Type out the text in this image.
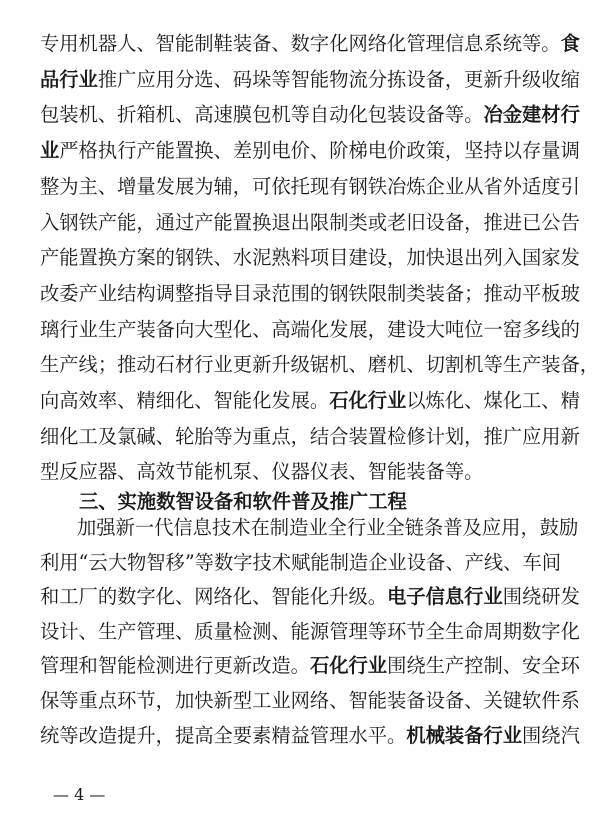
专用机器人、智能制鞋装备、数字化网络化管理信息系统等。食
品行业推广应用分选、码垛等智能物流分拣设备，更新升级收缩
包装机、折箱机、高速膜包机等自动化包装设备等。冶金建材行
业严格执行产能置换、差别电价、阶梯电价政策，坚持以存量调
整为主、增量发展为辅，可依托现有钢铁冶炼企业从省外适度引
入钢铁产能，通过产能置换退出限制类或老旧设备，推进已公告
产能置换方案的钢铁、水泥熟料项目建设，加快退出列入国家发
改委产业结构调整指导目录范围的钢铁限制类装备；推动平板玻
璃行业生产装备向大型化、高端化发展，建设大吨位一窑多线的
生产线；推动石材行业更新升级锯机、磨机、切割机等生产装备，
向高效率、精细化、智能化发展。石化行业以炼化、煤化工、精
细化工及氯碱、轮胎等为重点，结合装置检修计划，推广应用新
型反应器、高效节能机泵、仪器仪表、智能装备等。
三、实施数智设备和软件普及推广工程
加强新一代信息技术在制造业全行业全链条普及应用，鼓励
利用“云大物智移”等数字技术赋能制造企业设备、产线、车间
和工厂的数字化、网络化、智能化升级。电子信息行业围绕研发
设计、生产管理、质量检测、能源管理等环节全生命周期数字化
管理和智能检测进行更新改造。石化行业围绕生产控制、安全环
保等重点环节，加快新型工业网络、智能装备设备、关键软件系
统等改造提升，提高全要素精益管理水平。机械装备行业围绕汽
— 4 —
